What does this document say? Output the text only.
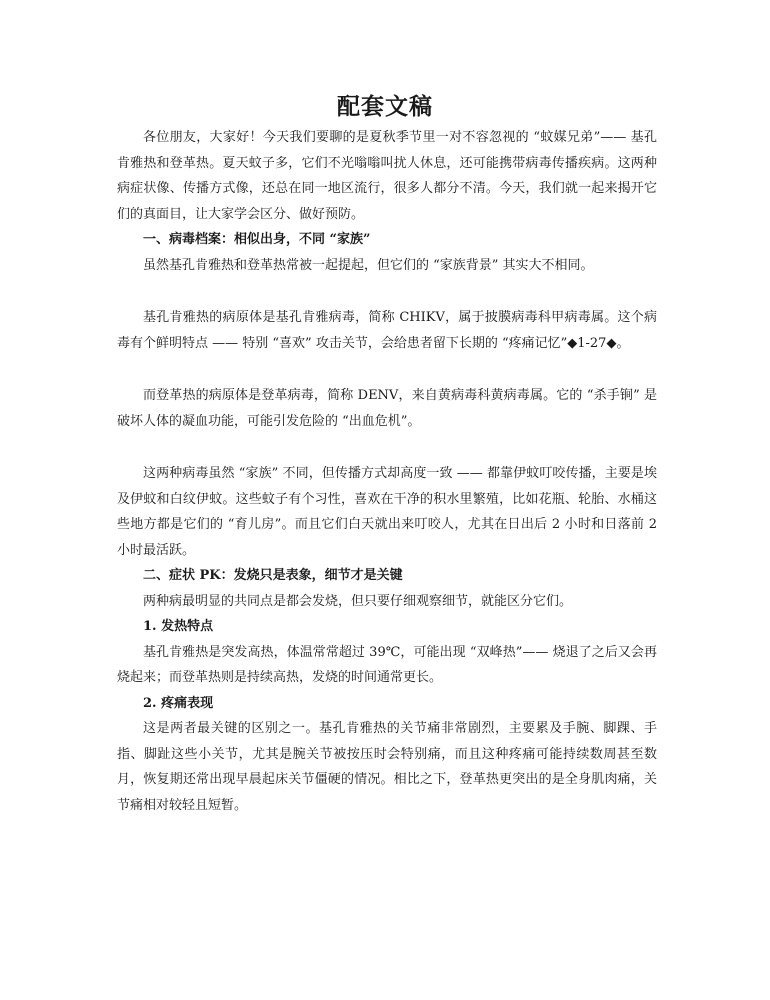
配套文稿

各位朋友，大家好！今天我们要聊的是夏秋季节里一对不容忽视的 “蚊媒兄弟”—— 基孔肯雅热和登革热。夏天蚊子多，它们不光嗡嗡叫扰人休息，还可能携带病毒传播疾病。这两种病症状像、传播方式像，还总在同一地区流行，很多人都分不清。今天，我们就一起来揭开它们的真面目，让大家学会区分、做好预防。

一、病毒档案：相似出身，不同 “家族”

虽然基孔肯雅热和登革热常被一起提起，但它们的 “家族背景” 其实大不相同。

基孔肯雅热的病原体是基孔肯雅病毒，简称 CHIKV，属于披膜病毒科甲病毒属。这个病毒有个鲜明特点 —— 特别 “喜欢” 攻击关节，会给患者留下长期的 “疼痛记忆”◆1-27◆。

而登革热的病原体是登革病毒，简称 DENV，来自黄病毒科黄病毒属。它的 “杀手锏” 是破坏人体的凝血功能，可能引发危险的 “出血危机”。

这两种病毒虽然 “家族” 不同，但传播方式却高度一致 —— 都靠伊蚊叮咬传播，主要是埃及伊蚊和白纹伊蚊。这些蚊子有个习性，喜欢在干净的积水里繁殖，比如花瓶、轮胎、水桶这些地方都是它们的 “育儿房”。而且它们白天就出来叮咬人，尤其在日出后 2 小时和日落前 2 小时最活跃。

二、症状 PK：发烧只是表象，细节才是关键

两种病最明显的共同点是都会发烧，但只要仔细观察细节，就能区分它们。

1. 发热特点

基孔肯雅热是突发高热，体温常常超过 39℃，可能出现 “双峰热”—— 烧退了之后又会再烧起来；而登革热则是持续高热，发烧的时间通常更长。

2. 疼痛表现

这是两者最关键的区别之一。基孔肯雅热的关节痛非常剧烈，主要累及手腕、脚踝、手指、脚趾这些小关节，尤其是腕关节被按压时会特别痛，而且这种疼痛可能持续数周甚至数月，恢复期还常出现早晨起床关节僵硬的情况。相比之下，登革热更突出的是全身肌肉痛，关节痛相对较轻且短暂。
